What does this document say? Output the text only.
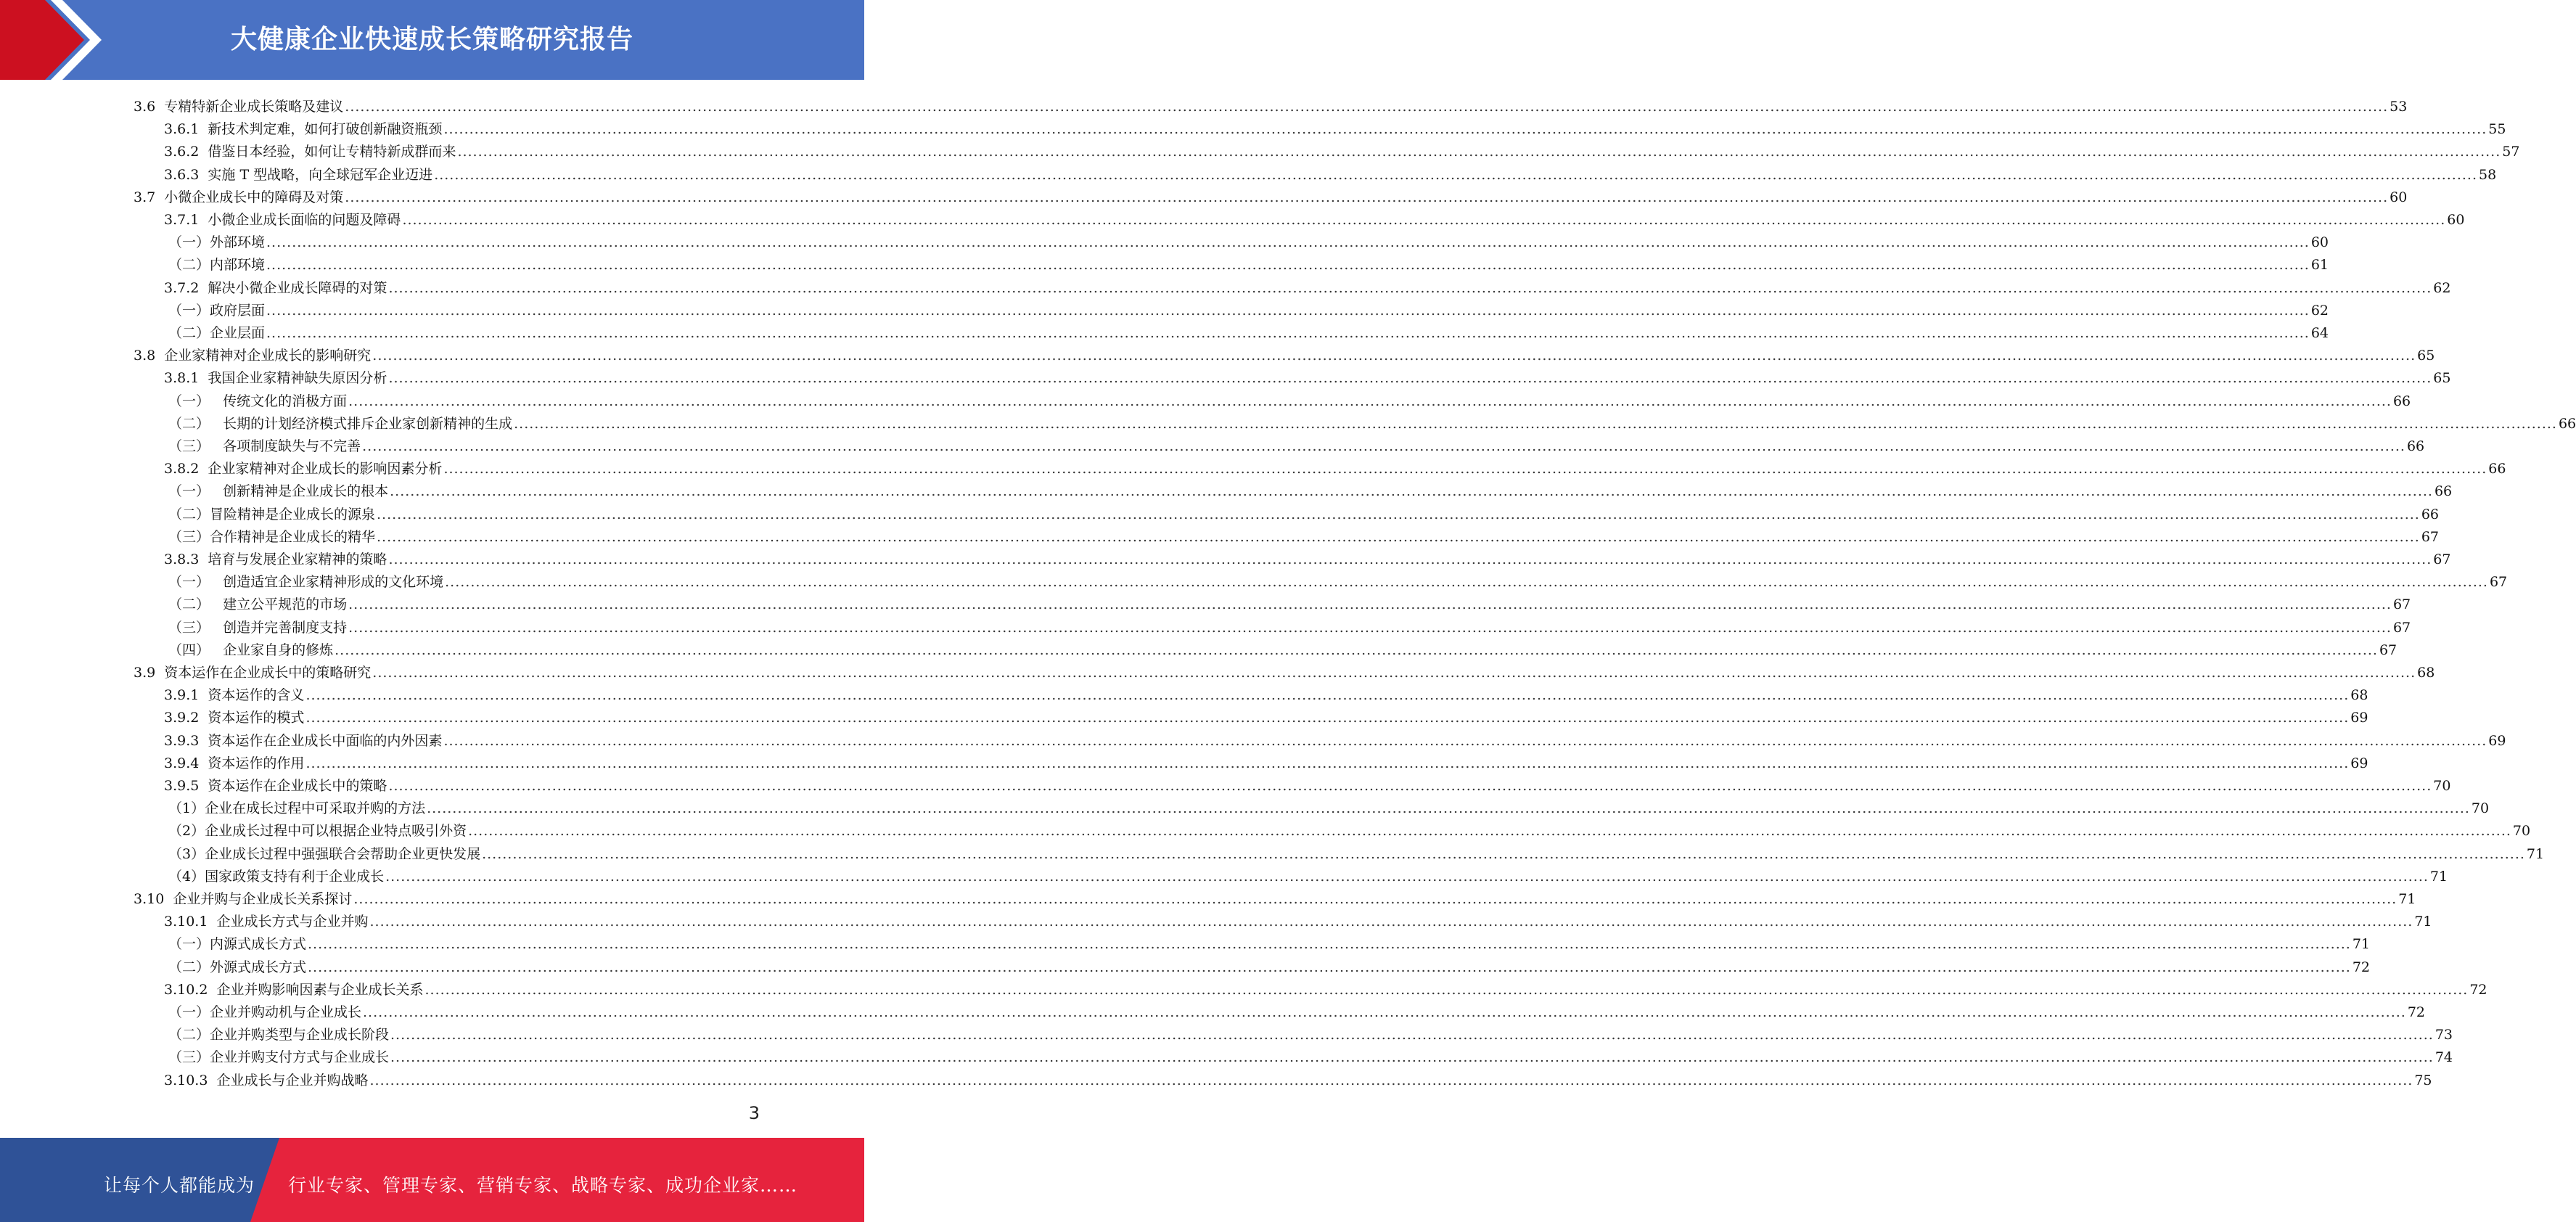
大健康企业快速成长策略研究报告
3.6  专精特新企业成长策略及建议 ................................................................................................................................................................................................................................................................................................................................................................................................................ 53
3.6.1  新技术判定难，如何打破创新融资瓶颈 ................................................................................................................................................................................................................................................................................................................................................................................................................ 55
3.6.2  借鉴日本经验，如何让专精特新成群而来 ................................................................................................................................................................................................................................................................................................................................................................................................................ 57
3.6.3  实施 T 型战略，向全球冠军企业迈进 ................................................................................................................................................................................................................................................................................................................................................................................................................ 58
3.7  小微企业成长中的障碍及对策 ................................................................................................................................................................................................................................................................................................................................................................................................................ 60
3.7.1  小微企业成长面临的问题及障碍 ................................................................................................................................................................................................................................................................................................................................................................................................................ 60
（一）外部环境 ................................................................................................................................................................................................................................................................................................................................................................................................................ 60
（二）内部环境 ................................................................................................................................................................................................................................................................................................................................................................................................................ 61
3.7.2  解决小微企业成长障碍的对策 ................................................................................................................................................................................................................................................................................................................................................................................................................ 62
（一）政府层面 ................................................................................................................................................................................................................................................................................................................................................................................................................ 62
（二）企业层面 ................................................................................................................................................................................................................................................................................................................................................................................................................ 64
3.8  企业家精神对企业成长的影响研究 ................................................................................................................................................................................................................................................................................................................................................................................................................ 65
3.8.1  我国企业家精神缺失原因分析 ................................................................................................................................................................................................................................................................................................................................................................................................................ 65
（一）   传统文化的消极方面 ................................................................................................................................................................................................................................................................................................................................................................................................................ 66
（二）   长期的计划经济模式排斥企业家创新精神的生成 ................................................................................................................................................................................................................................................................................................................................................................................................................ 66
（三）   各项制度缺失与不完善 ................................................................................................................................................................................................................................................................................................................................................................................................................ 66
3.8.2  企业家精神对企业成长的影响因素分析 ................................................................................................................................................................................................................................................................................................................................................................................................................ 66
（一）   创新精神是企业成长的根本 ................................................................................................................................................................................................................................................................................................................................................................................................................ 66
（二）冒险精神是企业成长的源泉 ................................................................................................................................................................................................................................................................................................................................................................................................................ 66
（三）合作精神是企业成长的精华 ................................................................................................................................................................................................................................................................................................................................................................................................................ 67
3.8.3  培育与发展企业家精神的策略 ................................................................................................................................................................................................................................................................................................................................................................................................................ 67
（一）   创造适宜企业家精神形成的文化环境 ................................................................................................................................................................................................................................................................................................................................................................................................................ 67
（二）   建立公平规范的市场 ................................................................................................................................................................................................................................................................................................................................................................................................................ 67
（三）   创造并完善制度支持 ................................................................................................................................................................................................................................................................................................................................................................................................................ 67
（四）   企业家自身的修炼 ................................................................................................................................................................................................................................................................................................................................................................................................................ 67
3.9  资本运作在企业成长中的策略研究 ................................................................................................................................................................................................................................................................................................................................................................................................................ 68
3.9.1  资本运作的含义 ................................................................................................................................................................................................................................................................................................................................................................................................................ 68
3.9.2  资本运作的模式 ................................................................................................................................................................................................................................................................................................................................................................................................................ 69
3.9.3  资本运作在企业成长中面临的内外因素 ................................................................................................................................................................................................................................................................................................................................................................................................................ 69
3.9.4  资本运作的作用 ................................................................................................................................................................................................................................................................................................................................................................................................................ 69
3.9.5  资本运作在企业成长中的策略 ................................................................................................................................................................................................................................................................................................................................................................................................................ 70
（1）企业在成长过程中可采取并购的方法 ................................................................................................................................................................................................................................................................................................................................................................................................................ 70
（2）企业成长过程中可以根据企业特点吸引外资 ................................................................................................................................................................................................................................................................................................................................................................................................................ 70
（3）企业成长过程中强强联合会帮助企业更快发展 ................................................................................................................................................................................................................................................................................................................................................................................................................ 71
（4）国家政策支持有利于企业成长 ................................................................................................................................................................................................................................................................................................................................................................................................................ 71
3.10  企业并购与企业成长关系探讨 ................................................................................................................................................................................................................................................................................................................................................................................................................ 71
3.10.1  企业成长方式与企业并购 ................................................................................................................................................................................................................................................................................................................................................................................................................ 71
（一）内源式成长方式 ................................................................................................................................................................................................................................................................................................................................................................................................................ 71
（二）外源式成长方式 ................................................................................................................................................................................................................................................................................................................................................................................................................ 72
3.10.2  企业并购影响因素与企业成长关系 ................................................................................................................................................................................................................................................................................................................................................................................................................ 72
（一）企业并购动机与企业成长 ................................................................................................................................................................................................................................................................................................................................................................................................................ 72
（二）企业并购类型与企业成长阶段 ................................................................................................................................................................................................................................................................................................................................................................................................................ 73
（三）企业并购支付方式与企业成长 ................................................................................................................................................................................................................................................................................................................................................................................................................ 74
3.10.3  企业成长与企业并购战略 ................................................................................................................................................................................................................................................................................................................................................................................................................ 75
3
让每个人都能成为 行业专家、管理专家、营销专家、战略专家、成功企业家……
